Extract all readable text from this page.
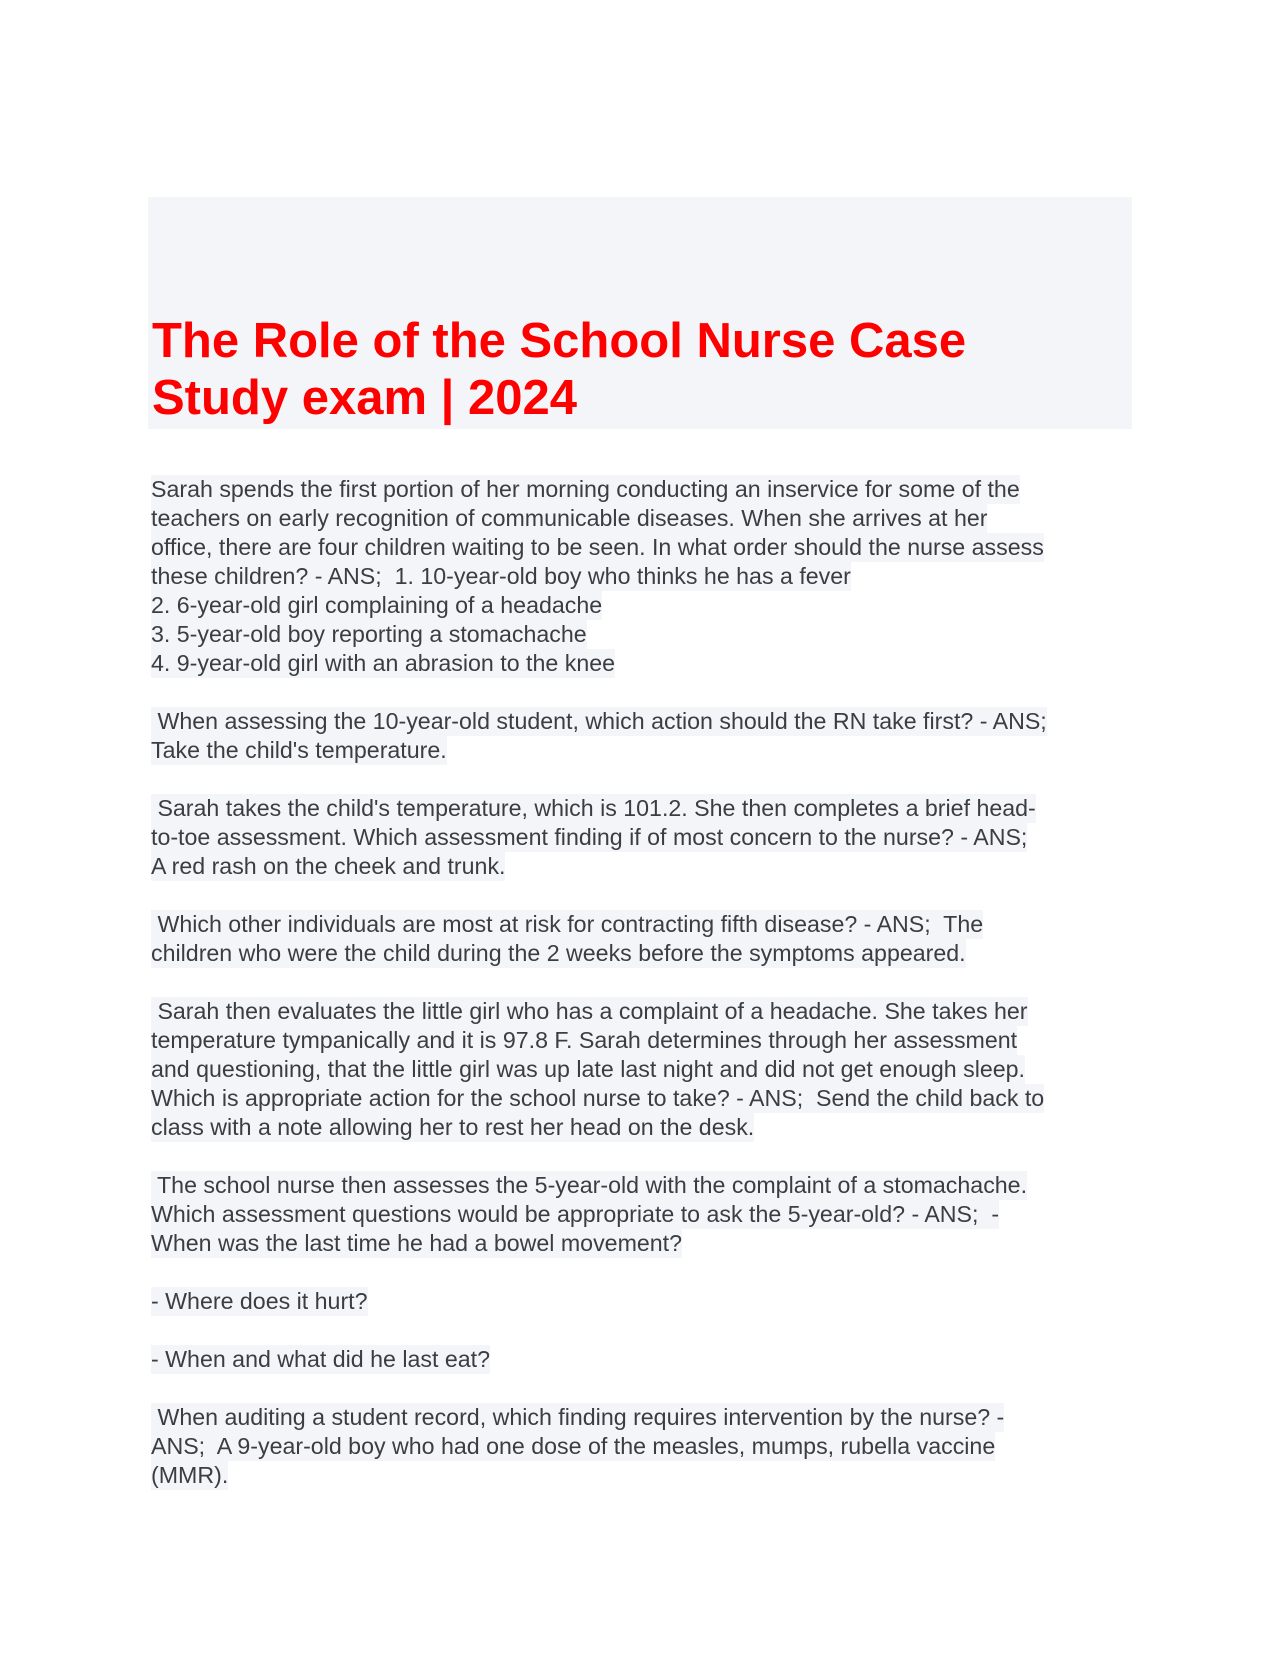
The Role of the School Nurse Case
Study exam | 2024
Sarah spends the first portion of her morning conducting an inservice for some of the
teachers on early recognition of communicable diseases. When she arrives at her
office, there are four children waiting to be seen. In what order should the nurse assess
these children? - ANS;  1. 10-year-old boy who thinks he has a fever
2. 6-year-old girl complaining of a headache
3. 5-year-old boy reporting a stomachache
4. 9-year-old girl with an abrasion to the knee
When assessing the 10-year-old student, which action should the RN take first? - ANS;
Take the child's temperature.
Sarah takes the child's temperature, which is 101.2. She then completes a brief head-
to-toe assessment. Which assessment finding if of most concern to the nurse? - ANS;
A red rash on the cheek and trunk.
Which other individuals are most at risk for contracting fifth disease? - ANS;  The
children who were the child during the 2 weeks before the symptoms appeared.
Sarah then evaluates the little girl who has a complaint of a headache. She takes her
temperature tympanically and it is 97.8 F. Sarah determines through her assessment
and questioning, that the little girl was up late last night and did not get enough sleep.
Which is appropriate action for the school nurse to take? - ANS;  Send the child back to
class with a note allowing her to rest her head on the desk.
The school nurse then assesses the 5-year-old with the complaint of a stomachache.
Which assessment questions would be appropriate to ask the 5-year-old? - ANS;  -
When was the last time he had a bowel movement?
- Where does it hurt?
- When and what did he last eat?
When auditing a student record, which finding requires intervention by the nurse? -
ANS;  A 9-year-old boy who had one dose of the measles, mumps, rubella vaccine
(MMR).
